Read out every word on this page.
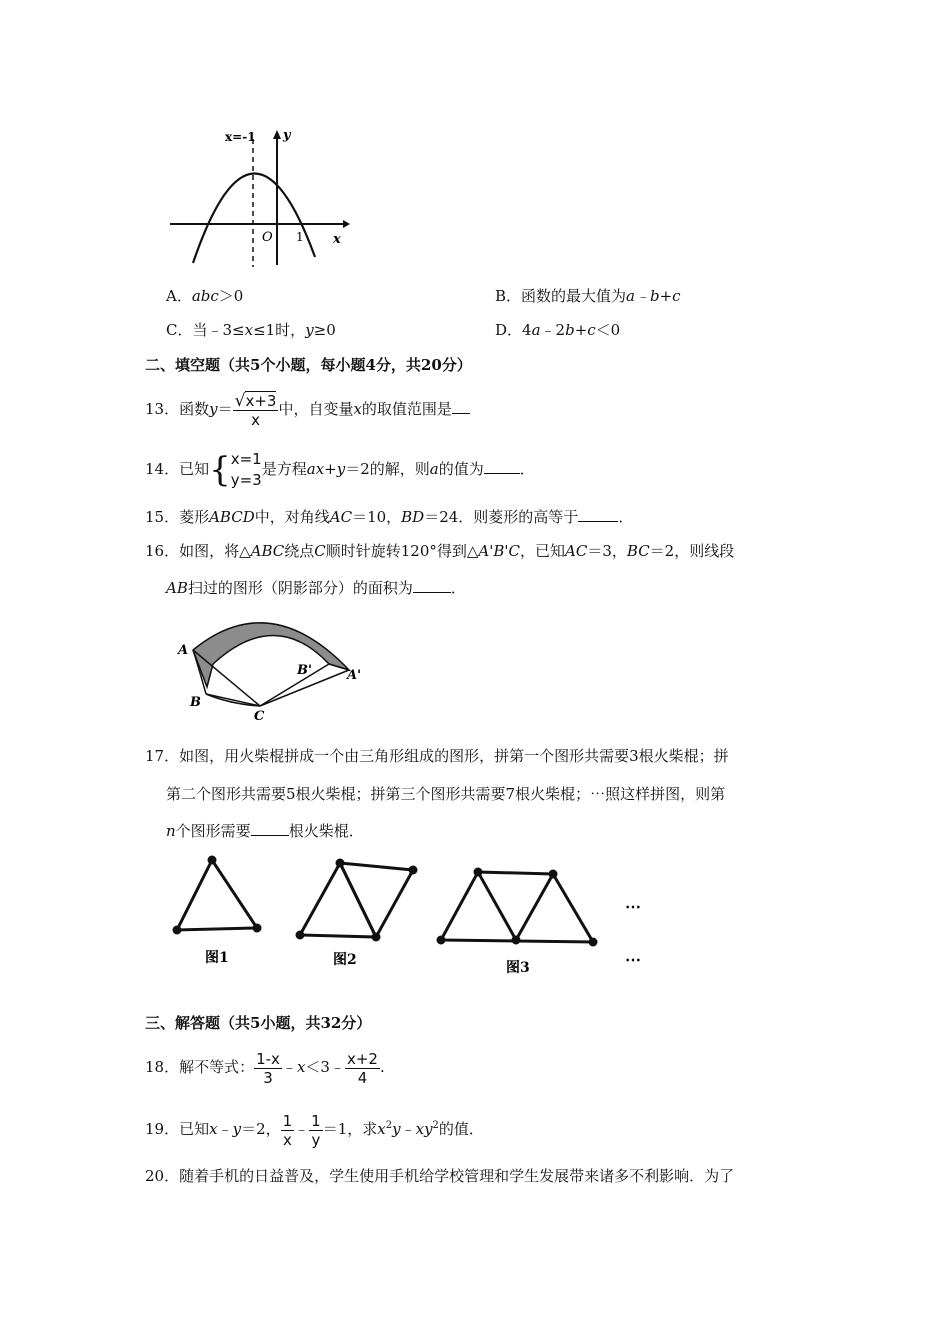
x=-1 y
x
O 1
A．abc＞0	B．函数的最大值为a﹣b+c
C．当﹣3≤x≤1时，y≥0	D．4a﹣2b+c＜0
二、填空题（共5个小题，每小题4分，共20分）
13．函数$y= \frac{√x+3}{x}$ 中，自变量x的取值范围是
14．已知{ x=1
y=3
是方程ax+y＝2的解，则a的值为 ．
15．菱形ABCD中，对角线AC＝10，BD＝24．则菱形的高等于	．
16．如图，将△ABC绕点C顺时针旋转120°得到△A'B'C，已知AC＝3，BC＝2，则线段
AB扫过的图形（阴影部分）的面积为	．
A
B
C
B'	A'
17．如图，用火柴棍拼成一个由三角形组成的图形，拼第一个图形共需要3根火柴棍；拼
第二个图形共需要5根火柴棍；拼第三个图形共需要7根火柴棍；⋯照这样拼图，则第
n个图形需要	根火柴棍．
图1	图2	图3
⋯
⋯
三、解答题（共5小题，共32分）
18．解不等式： $\frac{1-x}{3}$ ﹣x＜3﹣ $\frac{x+2}{4}$ .
19．已知x﹣y＝2， $\frac{1}{x}$ ﹣ $\frac{1}{y} =1$，求$x^2y﹣xy^2$的值．
20．随着手机的日益普及，学生使用手机给学校管理和学生发展带来诸多不利影响．为了
